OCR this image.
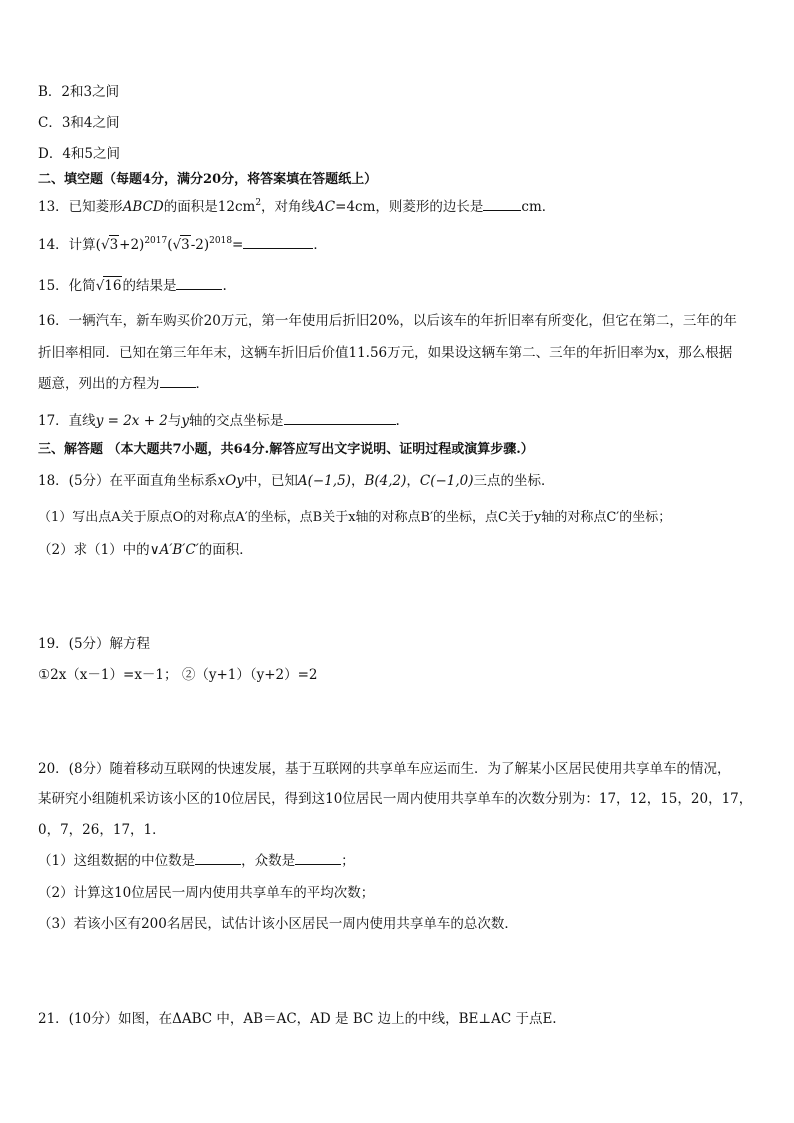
B．2和3之间
C．3和4之间
D．4和5之间
二、填空题（每题4分，满分20分，将答案填在答题纸上）
13．已知菱形ABCD的面积是$12cm^2$，对角线AC=4cm，则菱形的边长是	cm．
14．计算$(√3+2)^{2017}(√3-2)^{2018}=$	．
15．化简√16的结果是	.
16．一辆汽车，新车购买价20万元，第一年使用后折旧20%，以后该车的年折旧率有所变化，但它在第二，三年的年
折旧率相同．已知在第三年年末，这辆车折旧后价值11.56万元，如果设这辆车第二、三年的年折旧率为x，那么根据
题意，列出的方程为	．
17．直线y = 2x + 2与y轴的交点坐标是	.
三、解答题 （本大题共7小题，共64分.解答应写出文字说明、证明过程或演算步骤.）
18．(5分）在平面直角坐标系xOy中，已知A(−1,5)，B(4,2)，C(−1,0)三点的坐标．
（1）写出点A关于原点O的对称点A′的坐标，点B关于x轴的对称点B′的坐标，点C关于y轴的对称点C′的坐标；
（2）求（1）中的∨A′B′C′的面积．
19．(5分）解方程
①2x（x－1）=x－1； ②（y+1）（y+2）=2
20．(8分）随着移动互联网的快速发展，基于互联网的共享单车应运而生．为了解某小区居民使用共享单车的情况，
某研究小组随机采访该小区的10位居民，得到这10位居民一周内使用共享单车的次数分别为：17，12，15，20，17，
0，7，26，17，1．
（1）这组数据的中位数是	，众数是	；
（2）计算这10位居民一周内使用共享单车的平均次数；
（3）若该小区有200名居民，试估计该小区居民一周内使用共享单车的总次数．
21．(10分）如图，在ΔABC 中，AB＝AC，AD 是 BC 边上的中线，BE⊥AC 于点E.
